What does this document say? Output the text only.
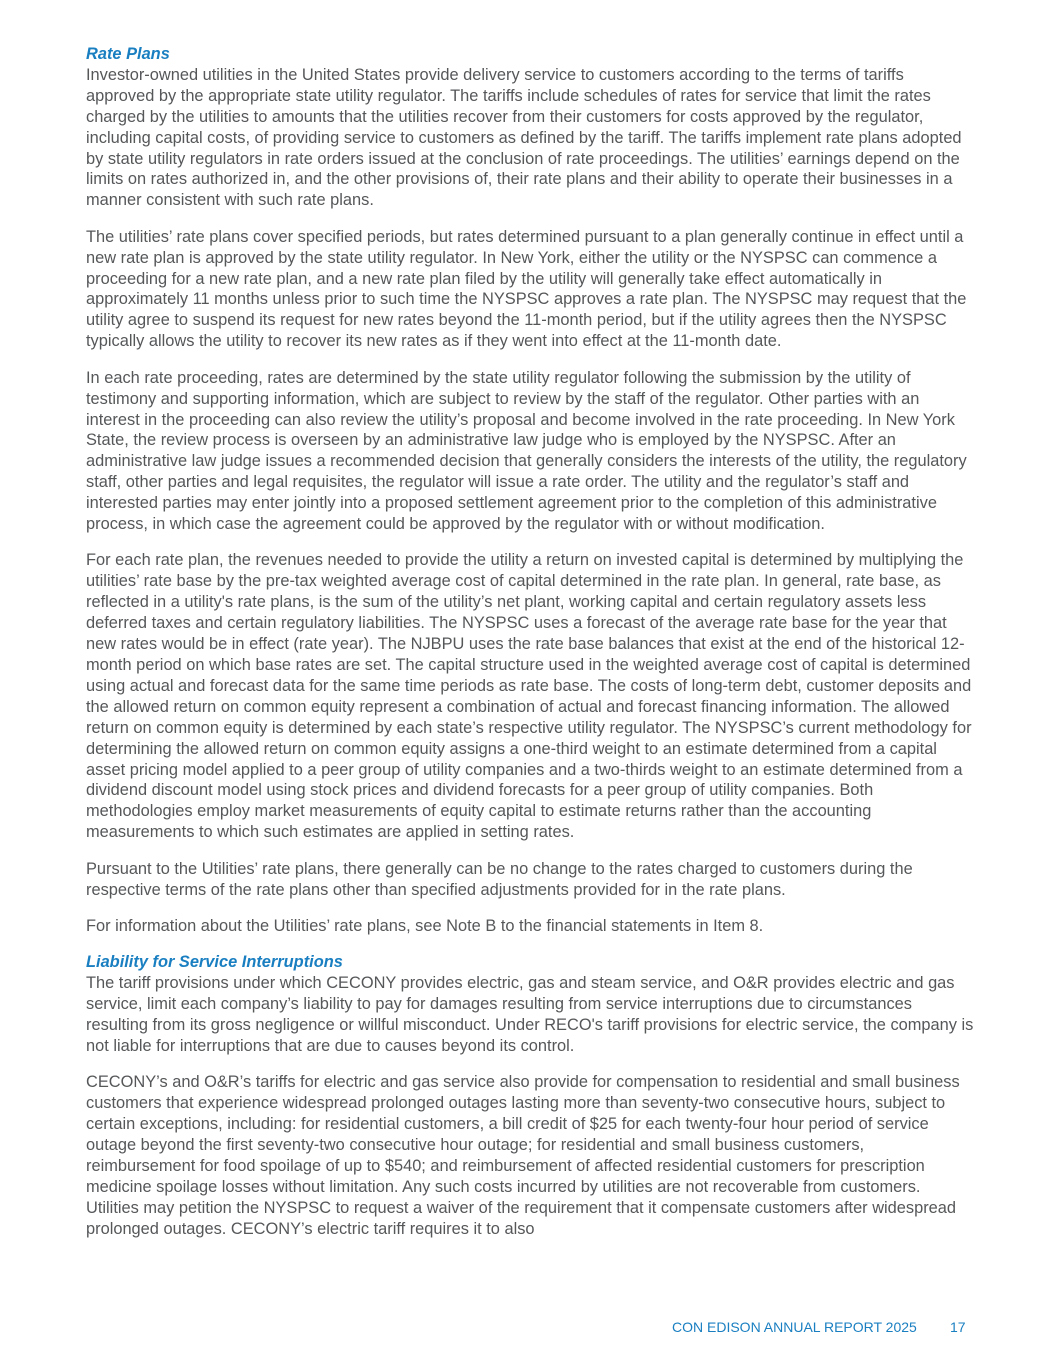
Rate Plans

Investor-owned utilities in the United States provide delivery service to customers according to the terms of tariffs approved by the appropriate state utility regulator. The tariffs include schedules of rates for service that limit the rates charged by the utilities to amounts that the utilities recover from their customers for costs approved by the regulator, including capital costs, of providing service to customers as defined by the tariff. The tariffs implement rate plans adopted by state utility regulators in rate orders issued at the conclusion of rate proceedings. The utilities’ earnings depend on the limits on rates authorized in, and the other provisions of, their rate plans and their ability to operate their businesses in a manner consistent with such rate plans.

The utilities’ rate plans cover specified periods, but rates determined pursuant to a plan generally continue in effect until a new rate plan is approved by the state utility regulator. In New York, either the utility or the NYSPSC can commence a proceeding for a new rate plan, and a new rate plan filed by the utility will generally take effect automatically in approximately 11 months unless prior to such time the NYSPSC approves a rate plan. The NYSPSC may request that the utility agree to suspend its request for new rates beyond the 11-month period, but if the utility agrees then the NYSPSC typically allows the utility to recover its new rates as if they went into effect at the 11-month date.

In each rate proceeding, rates are determined by the state utility regulator following the submission by the utility of testimony and supporting information, which are subject to review by the staff of the regulator. Other parties with an interest in the proceeding can also review the utility’s proposal and become involved in the rate proceeding. In New York State, the review process is overseen by an administrative law judge who is employed by the NYSPSC. After an administrative law judge issues a recommended decision that generally considers the interests of the utility, the regulatory staff, other parties and legal requisites, the regulator will issue a rate order. The utility and the regulator’s staff and interested parties may enter jointly into a proposed settlement agreement prior to the completion of this administrative process, in which case the agreement could be approved by the regulator with or without modification.

For each rate plan, the revenues needed to provide the utility a return on invested capital is determined by multiplying the utilities’ rate base by the pre-tax weighted average cost of capital determined in the rate plan. In general, rate base, as reflected in a utility's rate plans, is the sum of the utility’s net plant, working capital and certain regulatory assets less deferred taxes and certain regulatory liabilities. The NYSPSC uses a forecast of the average rate base for the year that new rates would be in effect (rate year). The NJBPU uses the rate base balances that exist at the end of the historical 12-month period on which base rates are set. The capital structure used in the weighted average cost of capital is determined using actual and forecast data for the same time periods as rate base. The costs of long-term debt, customer deposits and the allowed return on common equity represent a combination of actual and forecast financing information. The allowed return on common equity is determined by each state’s respective utility regulator. The NYSPSC’s current methodology for determining the allowed return on common equity assigns a one-third weight to an estimate determined from a capital asset pricing model applied to a peer group of utility companies and a two-thirds weight to an estimate determined from a dividend discount model using stock prices and dividend forecasts for a peer group of utility companies. Both methodologies employ market measurements of equity capital to estimate returns rather than the accounting measurements to which such estimates are applied in setting rates.

Pursuant to the Utilities’ rate plans, there generally can be no change to the rates charged to customers during the respective terms of the rate plans other than specified adjustments provided for in the rate plans.

For information about the Utilities’ rate plans, see Note B to the financial statements in Item 8.

Liability for Service Interruptions

The tariff provisions under which CECONY provides electric, gas and steam service, and O&R provides electric and gas service, limit each company’s liability to pay for damages resulting from service interruptions due to circumstances resulting from its gross negligence or willful misconduct. Under RECO's tariff provisions for electric service, the company is not liable for interruptions that are due to causes beyond its control.

CECONY’s and O&R’s tariffs for electric and gas service also provide for compensation to residential and small business customers that experience widespread prolonged outages lasting more than seventy-two consecutive hours, subject to certain exceptions, including: for residential customers, a bill credit of $25 for each twenty-four hour period of service outage beyond the first seventy-two consecutive hour outage; for residential and small business customers, reimbursement for food spoilage of up to $540; and reimbursement of affected residential customers for prescription medicine spoilage losses without limitation. Any such costs incurred by utilities are not recoverable from customers. Utilities may petition the NYSPSC to request a waiver of the requirement that it compensate customers after widespread prolonged outages. CECONY’s electric tariff requires it to also

CON EDISON ANNUAL REPORT 2025 17
